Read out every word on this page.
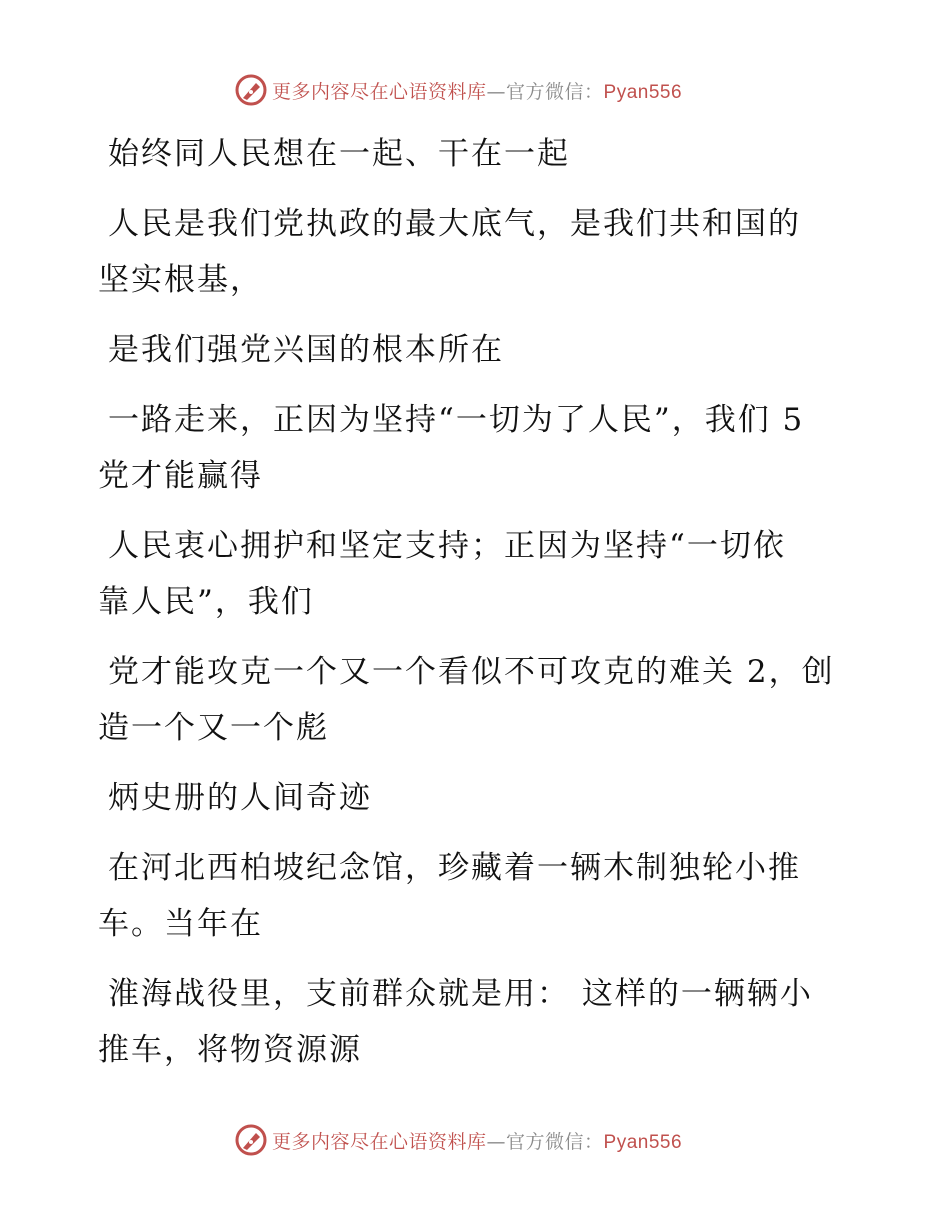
更多内容尽在心语资料库—官方微信：Pyan556

始终同人民想在一起、干在一起

人民是我们党执政的最大底气，是我们共和国的
坚实根基，

是我们强党兴国的根本所在

一路走来，正因为坚持“一切为了人民”，我们 5
党才能赢得

人民衷心拥护和坚定支持；正因为坚持“一切依
靠人民”，我们

党才能攻克一个又一个看似不可攻克的难关 2，创
造一个又一个彪

炳史册的人间奇迹

在河北西柏坡纪念馆，珍藏着一辆木制独轮小推
车。当年在

淮海战役里，支前群众就是用： 这样的一辆辆小
推车，将物资源源

更多内容尽在心语资料库—官方微信：Pyan556
